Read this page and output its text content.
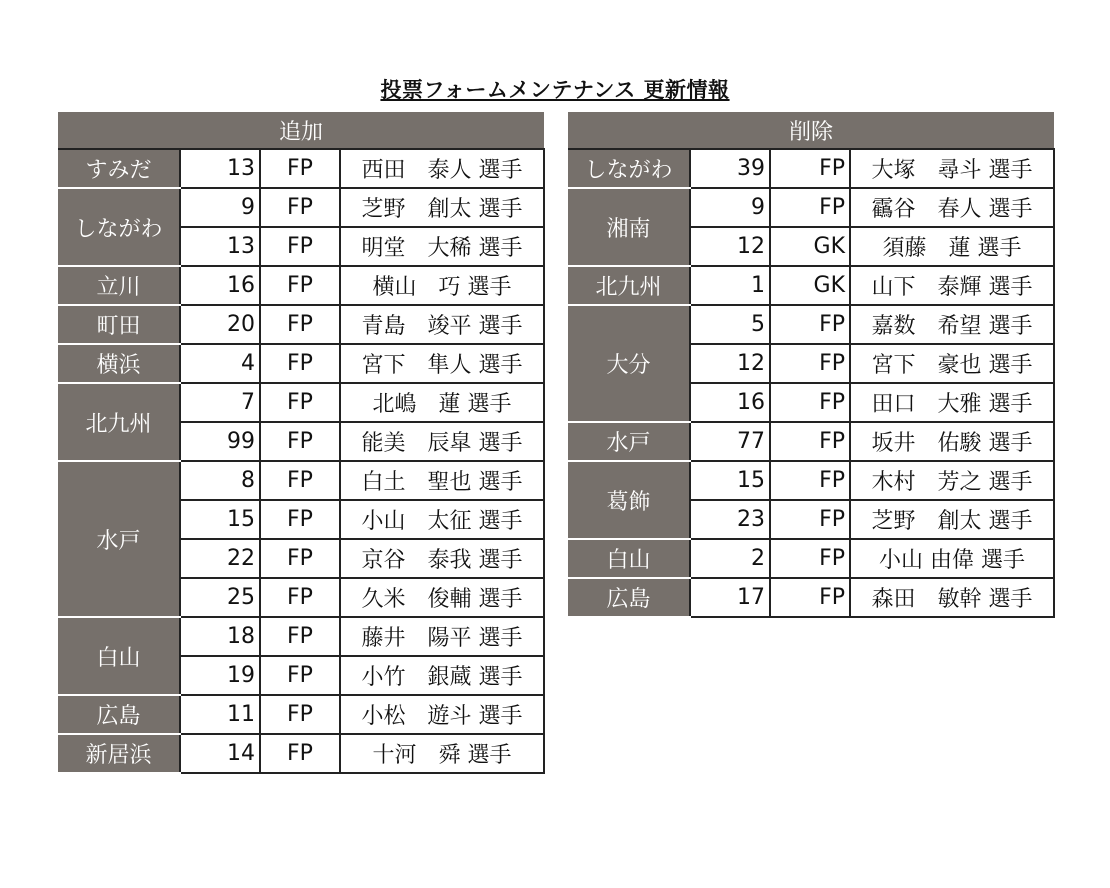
投票フォームメンテナンス 更新情報
追加			
すみだ	13	FP	西田　泰人 選手
しながわ	9	FP	芝野　創太 選手
	13	FP	明堂　大稀 選手
立川	16	FP	横山　巧 選手
町田	20	FP	青島　竣平 選手
横浜	4	FP	宮下　隼人 選手
北九州	7	FP	北嶋　蓮 選手
	99	FP	能美　辰皐 選手
水戸	8	FP	白土　聖也 選手
	15	FP	小山　太征 選手
	22	FP	京谷　泰我 選手
	25	FP	久米　俊輔 選手
白山	18	FP	藤井　陽平 選手
	19	FP	小竹　銀蔵 選手
広島	11	FP	小松　遊斗 選手
新居浜	14	FP	十河　舜 選手
削除			
しながわ	39	FP	大塚　尋斗 選手
湘南	9	FP	靍谷　春人 選手
	12	GK	須藤　蓮 選手
北九州	1	GK	山下　泰輝 選手
大分	5	FP	嘉数　希望 選手
	12	FP	宮下　豪也 選手
	16	FP	田口　大雅 選手
水戸	77	FP	坂井　佑駿 選手
葛飾	15	FP	木村　芳之 選手
	23	FP	芝野　創太 選手
白山	2	FP	小山 由偉 選手
広島	17	FP	森田　敏幹 選手
